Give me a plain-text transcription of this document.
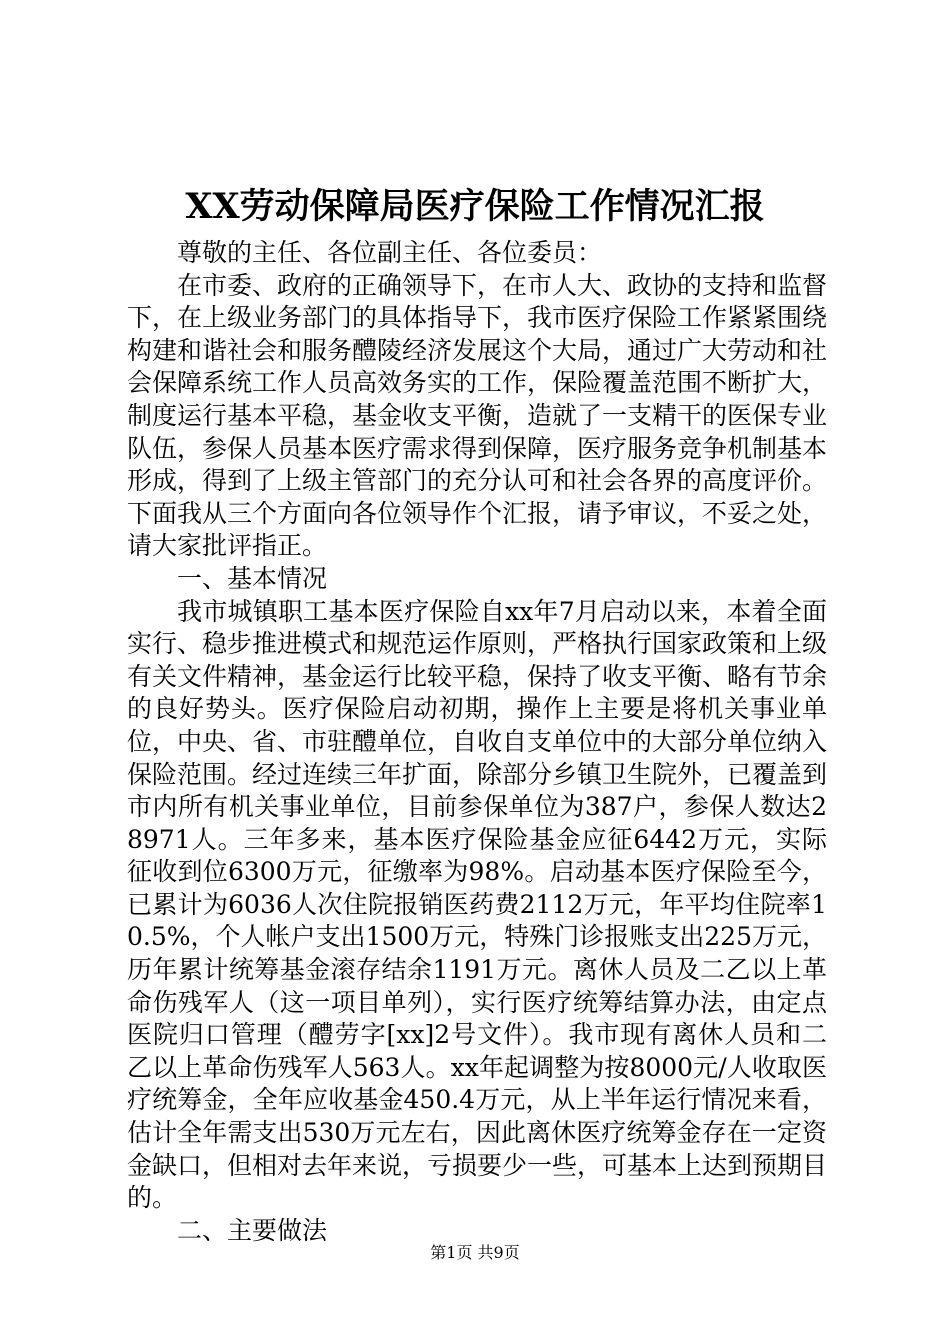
XX劳动保障局医疗保险工作情况汇报

尊敬的主任、各位副主任、各位委员：

在市委、政府的正确领导下，在市人大、政协的支持和监督下，在上级业务部门的具体指导下，我市医疗保险工作紧紧围绕构建和谐社会和服务醴陵经济发展这个大局，通过广大劳动和社会保障系统工作人员高效务实的工作，保险覆盖范围不断扩大，制度运行基本平稳，基金收支平衡，造就了一支精干的医保专业队伍，参保人员基本医疗需求得到保障，医疗服务竞争机制基本形成，得到了上级主管部门的充分认可和社会各界的高度评价。下面我从三个方面向各位领导作个汇报，请予审议，不妥之处，请大家批评指正。

一、基本情况

我市城镇职工基本医疗保险自xx年7月启动以来，本着全面实行、稳步推进模式和规范运作原则，严格执行国家政策和上级有关文件精神，基金运行比较平稳，保持了收支平衡、略有节余的良好势头。医疗保险启动初期，操作上主要是将机关事业单位，中央、省、市驻醴单位，自收自支单位中的大部分单位纳入保险范围。经过连续三年扩面，除部分乡镇卫生院外，已覆盖到市内所有机关事业单位，目前参保单位为387户，参保人数达28971人。三年多来，基本医疗保险基金应征6442万元，实际征收到位6300万元，征缴率为98%。启动基本医疗保险至今，已累计为6036人次住院报销医药费2112万元，年平均住院率10.5%，个人帐户支出1500万元，特殊门诊报账支出225万元，历年累计统筹基金滚存结余1191万元。离休人员及二乙以上革命伤残军人（这一项目单列），实行医疗统筹结算办法，由定点医院归口管理（醴劳字[xx]2号文件）。我市现有离休人员和二乙以上革命伤残军人563人。xx年起调整为按8000元/人收取医疗统筹金，全年应收基金450.4万元，从上半年运行情况来看，估计全年需支出530万元左右，因此离休医疗统筹金存在一定资金缺口，但相对去年来说，亏损要少一些，可基本上达到预期目的。

二、主要做法

第1页 共9页
